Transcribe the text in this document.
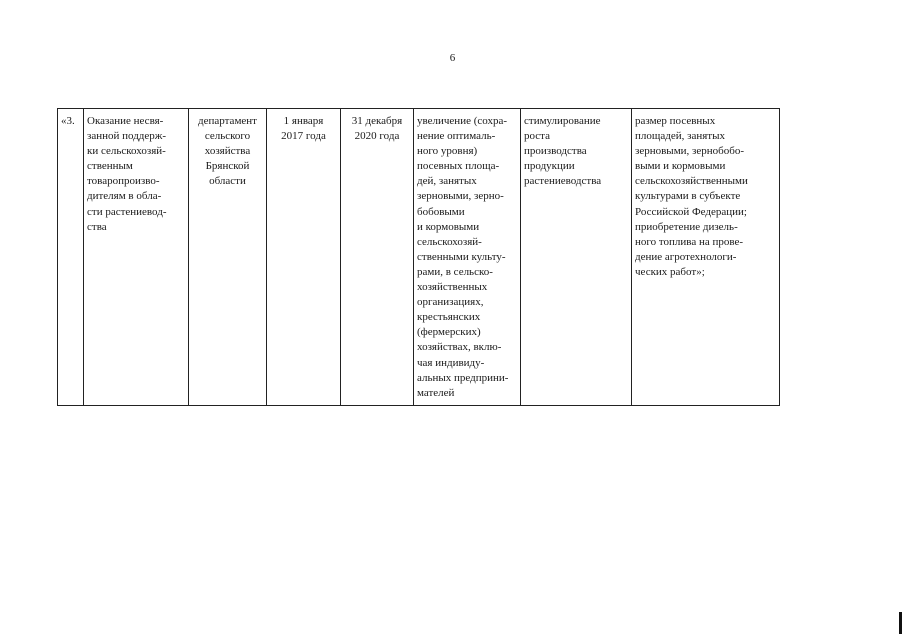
6
«3.	Оказание несвя-
занной поддерж-
ки сельскохозяй-
ственным
товаропроизво-
дителям в обла-
сти растениевод-
ства	департамент
сельского
хозяйства
Брянской
области	1 января
2017 года	31 декабря
2020 года	увеличение (сохра-
нение оптималь-
ного уровня)
посевных площа-
дей, занятых
зерновыми, зерно-
бобовыми
и кормовыми
сельскохозяй-
ственными культу-
рами, в сельско-
хозяйственных
организациях,
крестьянских
(фермерских)
хозяйствах, вклю-
чая индивиду-
альных предприни-
мателей	стимулирование
роста
производства
продукции
растениеводства	размер посевных
площадей, занятых
зерновыми, зернобобо-
выми и кормовыми
сельскохозяйственными
культурами в субъекте
Российской Федерации;
приобретение дизель-
ного топлива на прове-
дение агротехнологи-
ческих работ»;
